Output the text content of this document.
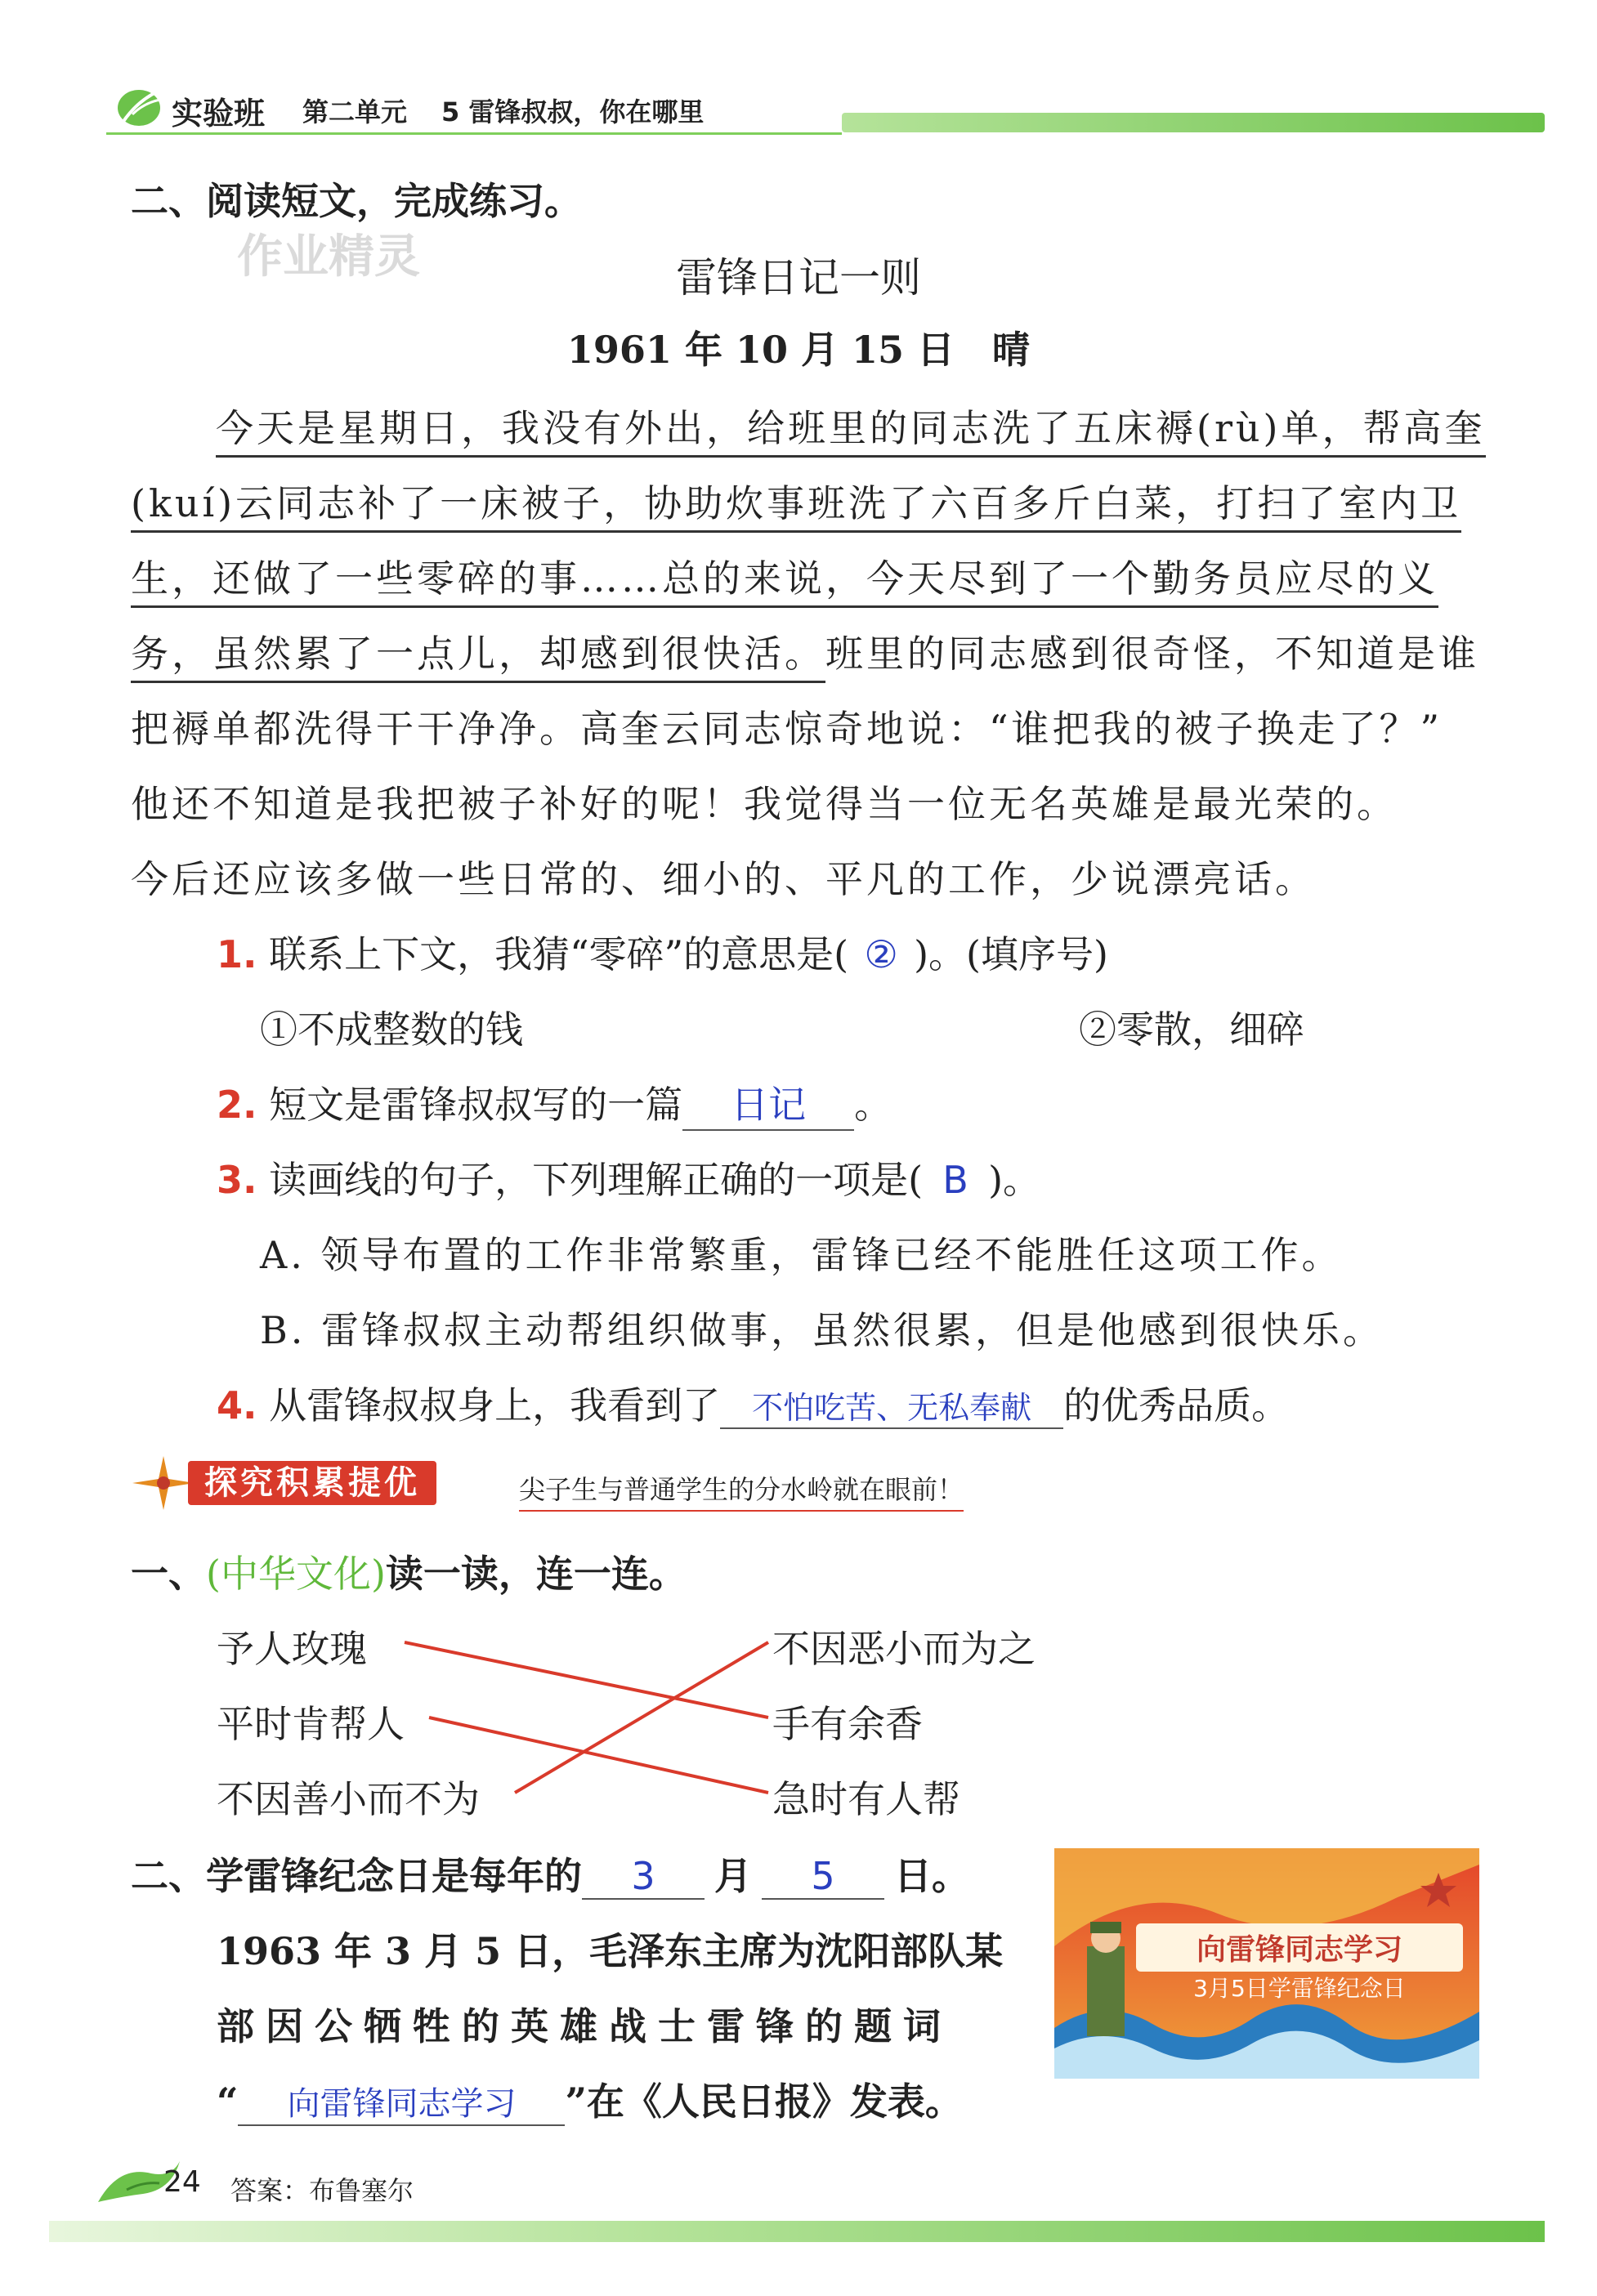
实验班 第二单元 5 雷锋叔叔，你在哪里
二、阅读短文，完成练习。
作业精灵	雷锋日记一则
1961 年 10 月 15 日　晴
今天是星期日，我没有外出，给班里的同志洗了五床褥(rù)单，帮高奎
(kuí)云同志补了一床被子，协助炊事班洗了六百多斤白菜，打扫了室内卫
生，还做了一些零碎的事……总的来说，今天尽到了一个勤务员应尽的义
务，虽然累了一点儿，却感到很快活。班里的同志感到很奇怪，不知道是谁
把褥单都洗得干干净净。高奎云同志惊奇地说：“谁把我的被子换走了？”
他还不知道是我把被子补好的呢！我觉得当一位无名英雄是最光荣的。
今后还应该多做一些日常的、细小的、平凡的工作，少说漂亮话。
1. 联系上下文，我猜“零碎”的意思是( ② )。(填序号)
①不成整数的钱	②零散，细碎
2. 短文是雷锋叔叔写的一篇 日记 。
3. 读画线的句子，下列理解正确的一项是( B )。
A. 领导布置的工作非常繁重，雷锋已经不能胜任这项工作。
B. 雷锋叔叔主动帮组织做事，虽然很累，但是他感到很快乐。
4. 从雷锋叔叔身上，我看到了 不怕吃苦、无私奉献 的优秀品质。
探究积累提优	尖子生与普通学生的分水岭就在眼前！
一、(中华文化)读一读，连一连。
予人玫瑰
平时肯帮人
不因善小而不为
不因恶小而为之
手有余香
急时有人帮
二、学雷锋纪念日是每年的 3 月 5 日。
1963 年 3 月 5 日，毛泽东主席为沈阳部队某
部因公牺牲的英雄战士雷锋的题词
“ 向雷锋同志学习 ”在《人民日报》发表。
向雷锋同志学习
3月5日学雷锋纪念日
24 答案：布鲁塞尔
